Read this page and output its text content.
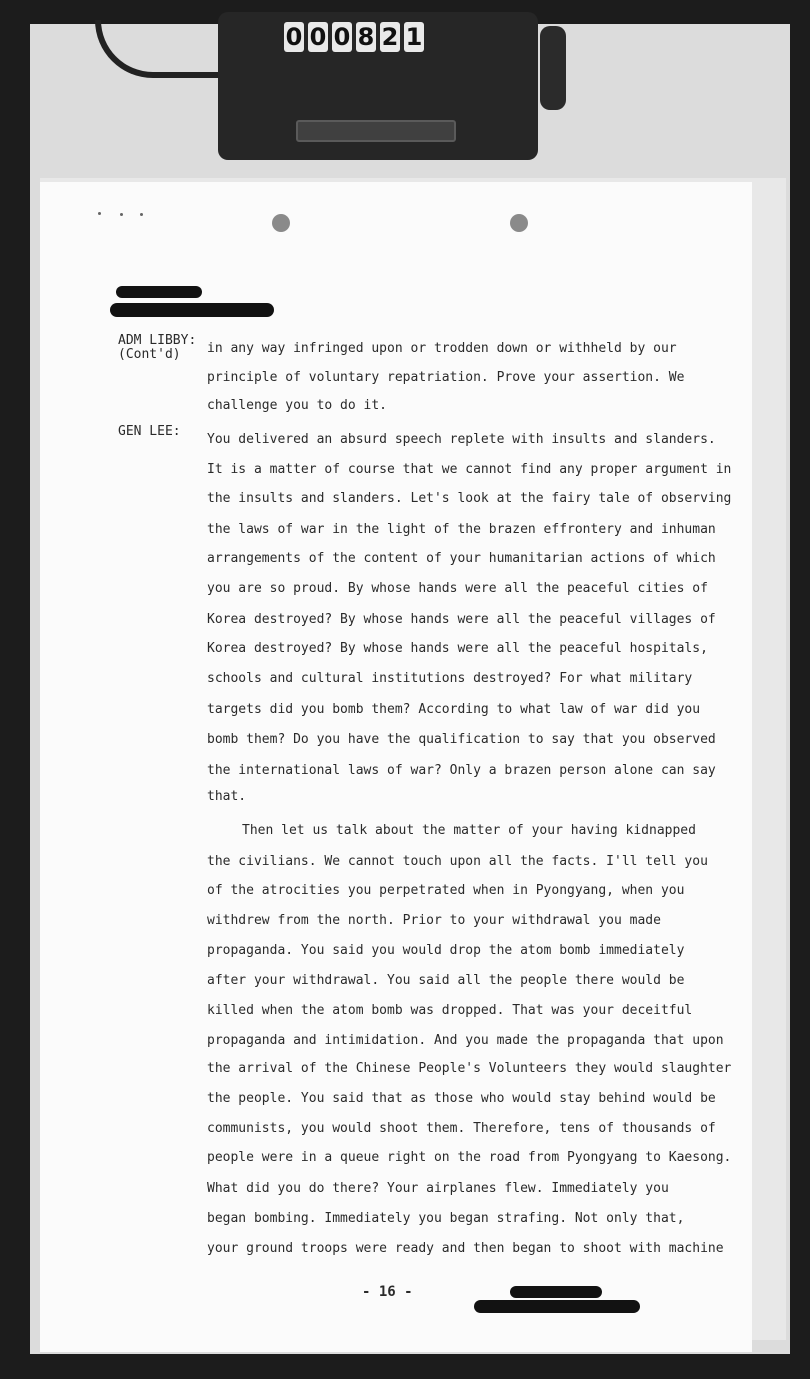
0 0 0 8 2 1
ADM LIBBY:
(Cont'd)
GEN LEE:
in any way infringed upon or trodden down or withheld by our
principle of voluntary repatriation. Prove your assertion. We
challenge you to do it.
You delivered an absurd speech replete with insults and slanders.
It is a matter of course that we cannot find any proper argument in
the insults and slanders. Let's look at the fairy tale of observing
the laws of war in the light of the brazen effrontery and inhuman
arrangements of the content of your humanitarian actions of which
you are so proud. By whose hands were all the peaceful cities of
Korea destroyed? By whose hands were all the peaceful villages of
Korea destroyed? By whose hands were all the peaceful hospitals,
schools and cultural institutions destroyed? For what military
targets did you bomb them? According to what law of war did you
bomb them? Do you have the qualification to say that you observed
the international laws of war? Only a brazen person alone can say
that.
Then let us talk about the matter of your having kidnapped
the civilians. We cannot touch upon all the facts. I'll tell you
of the atrocities you perpetrated when in Pyongyang, when you
withdrew from the north. Prior to your withdrawal you made
propaganda. You said you would drop the atom bomb immediately
after your withdrawal. You said all the people there would be
killed when the atom bomb was dropped. That was your deceitful
propaganda and intimidation. And you made the propaganda that upon
the arrival of the Chinese People's Volunteers they would slaughter
the people. You said that as those who would stay behind would be
communists, you would shoot them. Therefore, tens of thousands of
people were in a queue right on the road from Pyongyang to Kaesong.
What did you do there? Your airplanes flew. Immediately you
began bombing. Immediately you began strafing. Not only that,
your ground troops were ready and then began to shoot with machine
- 16 -
